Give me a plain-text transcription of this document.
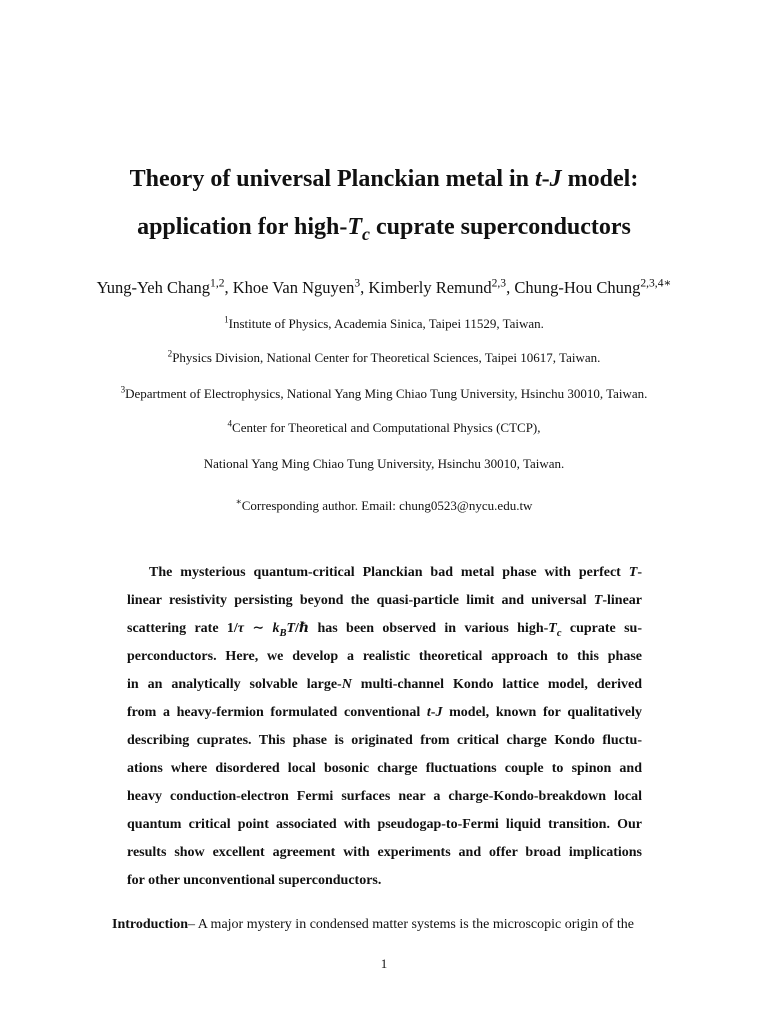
Theory of universal Planckian metal in t-J model:
application for high-$T_c$ cuprate superconductors
Yung-Yeh Chang$^{1,2}$, Khoe Van Nguyen$^3$, Kimberly Remund$^{2,3}$, Chung-Hou Chung$^{2,3,4∗}$
$^1$Institute of Physics, Academia Sinica, Taipei 11529, Taiwan.
$^2$Physics Division, National Center for Theoretical Sciences, Taipei 10617, Taiwan.
$^3$Department of Electrophysics, National Yang Ming Chiao Tung University, Hsinchu 30010, Taiwan.
$^4$Center for Theoretical and Computational Physics (CTCP),
National Yang Ming Chiao Tung University, Hsinchu 30010, Taiwan.
∗Corresponding author. Email: chung0523@nycu.edu.tw
The mysterious quantum-critical Planckian bad metal phase with perfect T-
linear resistivity persisting beyond the quasi-particle limit and universal T-linear
scattering rate 1/τ ∼ $k_BT/\hbar$ has been observed in various high-$T_c$ cuprate su-
perconductors. Here, we develop a realistic theoretical approach to this phase
in an analytically solvable large-N multi-channel Kondo lattice model, derived
from a heavy-fermion formulated conventional t-J model, known for qualitatively
describing cuprates. This phase is originated from critical charge Kondo fluctu-
ations where disordered local bosonic charge fluctuations couple to spinon and
heavy conduction-electron Fermi surfaces near a charge-Kondo-breakdown local
quantum critical point associated with pseudogap-to-Fermi liquid transition. Our
results show excellent agreement with experiments and offer broad implications
for other unconventional superconductors.
Introduction– A major mystery in condensed matter systems is the microscopic origin of the
1
